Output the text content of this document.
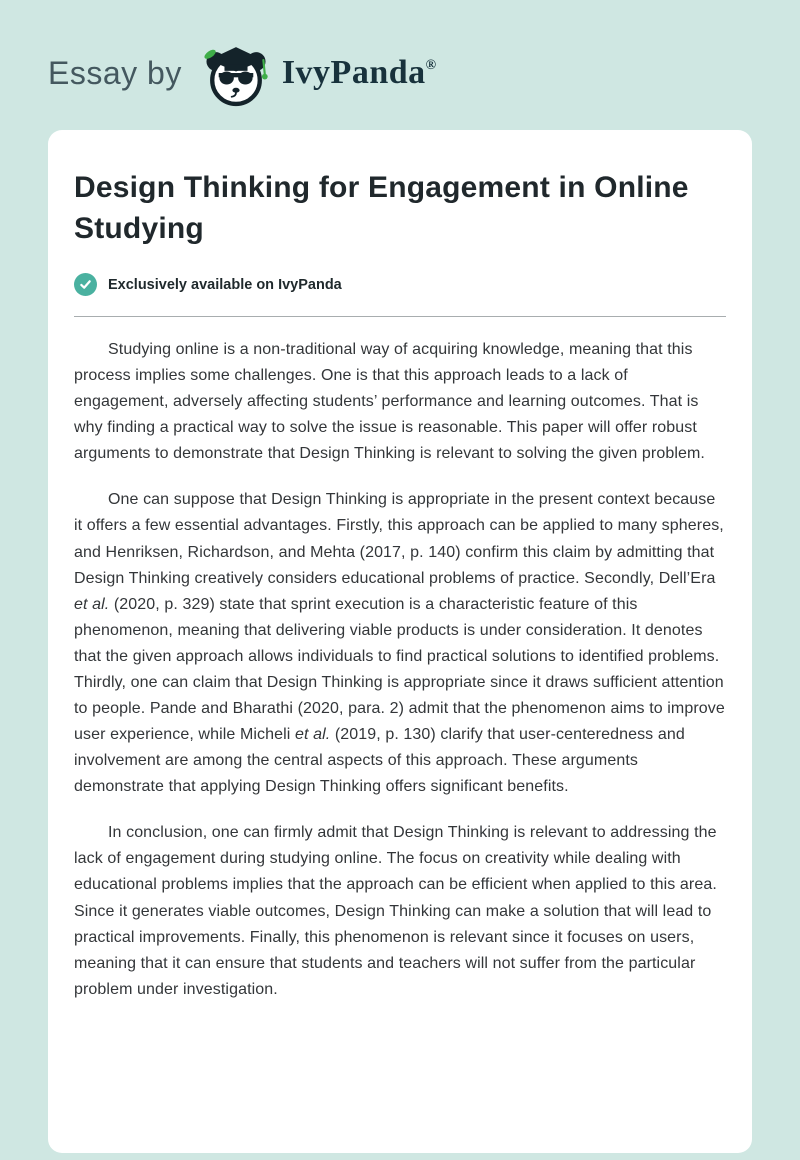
Essay by	IvyPanda®
Design Thinking for Engagement in Online Studying
Exclusively available on IvyPanda

Studying online is a non-traditional way of acquiring knowledge, meaning that this process implies some challenges. One is that this approach leads to a lack of engagement, adversely affecting students’ performance and learning outcomes. That is why finding a practical way to solve the issue is reasonable. This paper will offer robust arguments to demonstrate that Design Thinking is relevant to solving the given problem.

One can suppose that Design Thinking is appropriate in the present context because it offers a few essential advantages. Firstly, this approach can be applied to many spheres, and Henriksen, Richardson, and Mehta (2017, p. 140) confirm this claim by admitting that Design Thinking creatively considers educational problems of practice. Secondly, Dell’Era et al. (2020, p. 329) state that sprint execution is a characteristic feature of this phenomenon, meaning that delivering viable products is under consideration. It denotes that the given approach allows individuals to find practical solutions to identified problems. Thirdly, one can claim that Design Thinking is appropriate since it draws sufficient attention to people. Pande and Bharathi (2020, para. 2) admit that the phenomenon aims to improve user experience, while Micheli et al. (2019, p. 130) clarify that user-centeredness and involvement are among the central aspects of this approach. These arguments demonstrate that applying Design Thinking offers significant benefits.

In conclusion, one can firmly admit that Design Thinking is relevant to addressing the lack of engagement during studying online. The focus on creativity while dealing with educational problems implies that the approach can be efficient when applied to this area. Since it generates viable outcomes, Design Thinking can make a solution that will lead to practical improvements. Finally, this phenomenon is relevant since it focuses on users, meaning that it can ensure that students and teachers will not suffer from the particular problem under investigation.
